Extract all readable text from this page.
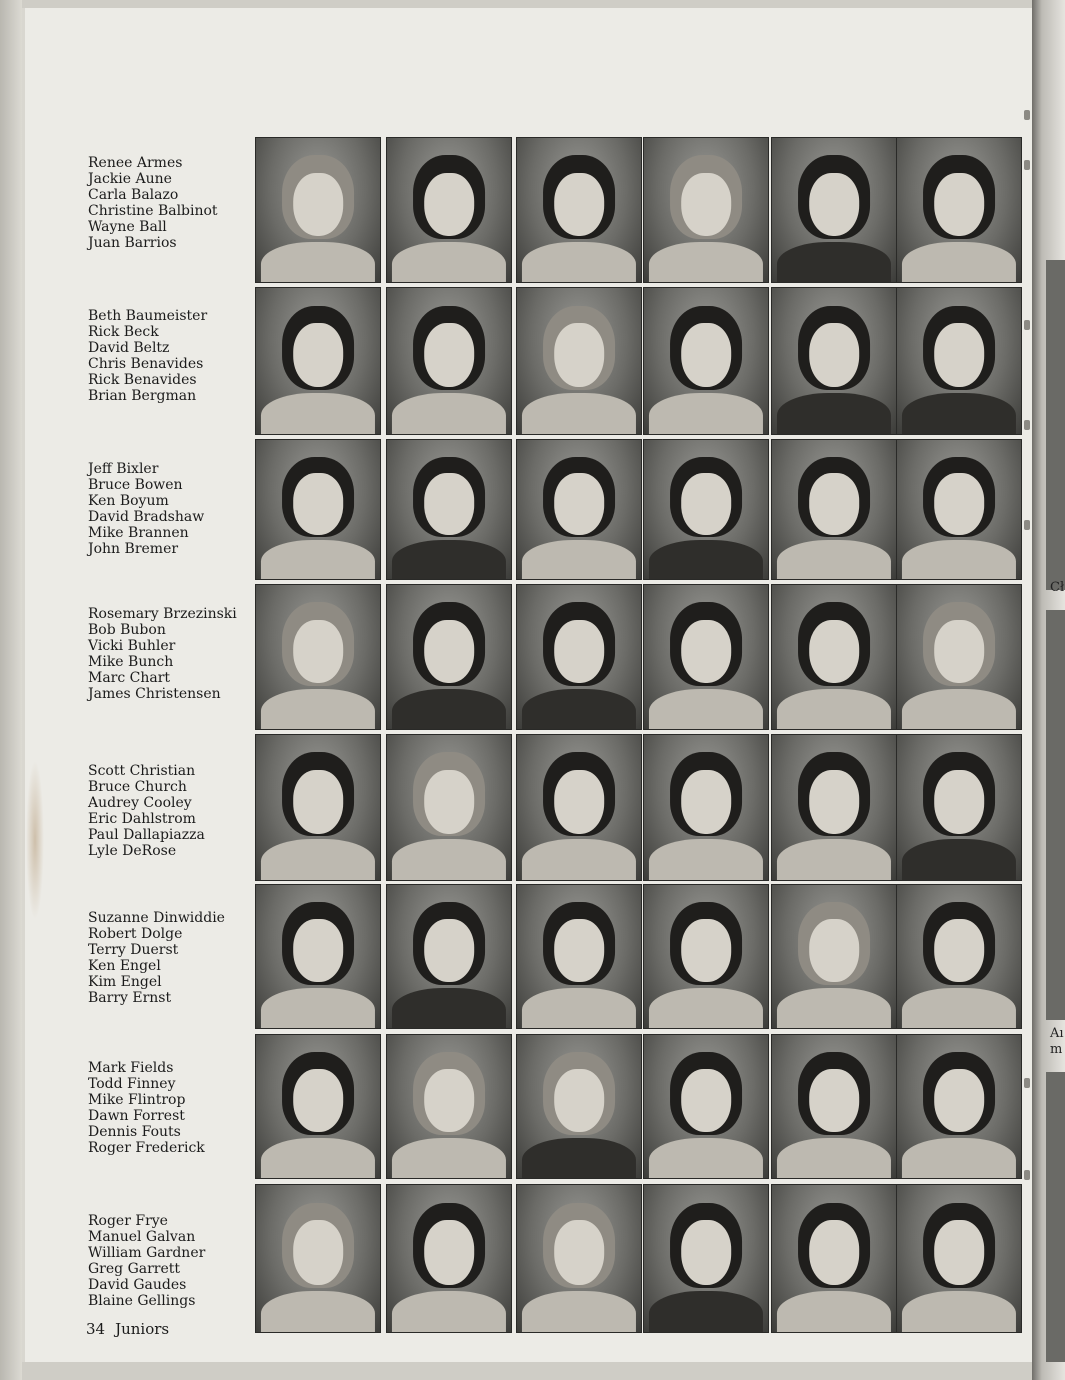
Cł
Aı
m
Renee Armes
Jackie Aune
Carla Balazo
Christine Balbinot
Wayne Ball
Juan Barrios
Beth Baumeister
Rick Beck
David Beltz
Chris Benavides
Rick Benavides
Brian Bergman
Jeff Bixler
Bruce Bowen
Ken Boyum
David Bradshaw
Mike Brannen
John Bremer
Rosemary Brzezinski
Bob Bubon
Vicki Buhler
Mike Bunch
Marc Chart
James Christensen
Scott Christian
Bruce Church
Audrey Cooley
Eric Dahlstrom
Paul Dallapiazza
Lyle DeRose
Suzanne Dinwiddie
Robert Dolge
Terry Duerst
Ken Engel
Kim Engel
Barry Ernst
Mark Fields
Todd Finney
Mike Flintrop
Dawn Forrest
Dennis Fouts
Roger Frederick
Roger Frye
Manuel Galvan
William Gardner
Greg Garrett
David Gaudes
Blaine Gellings
34 Juniors
